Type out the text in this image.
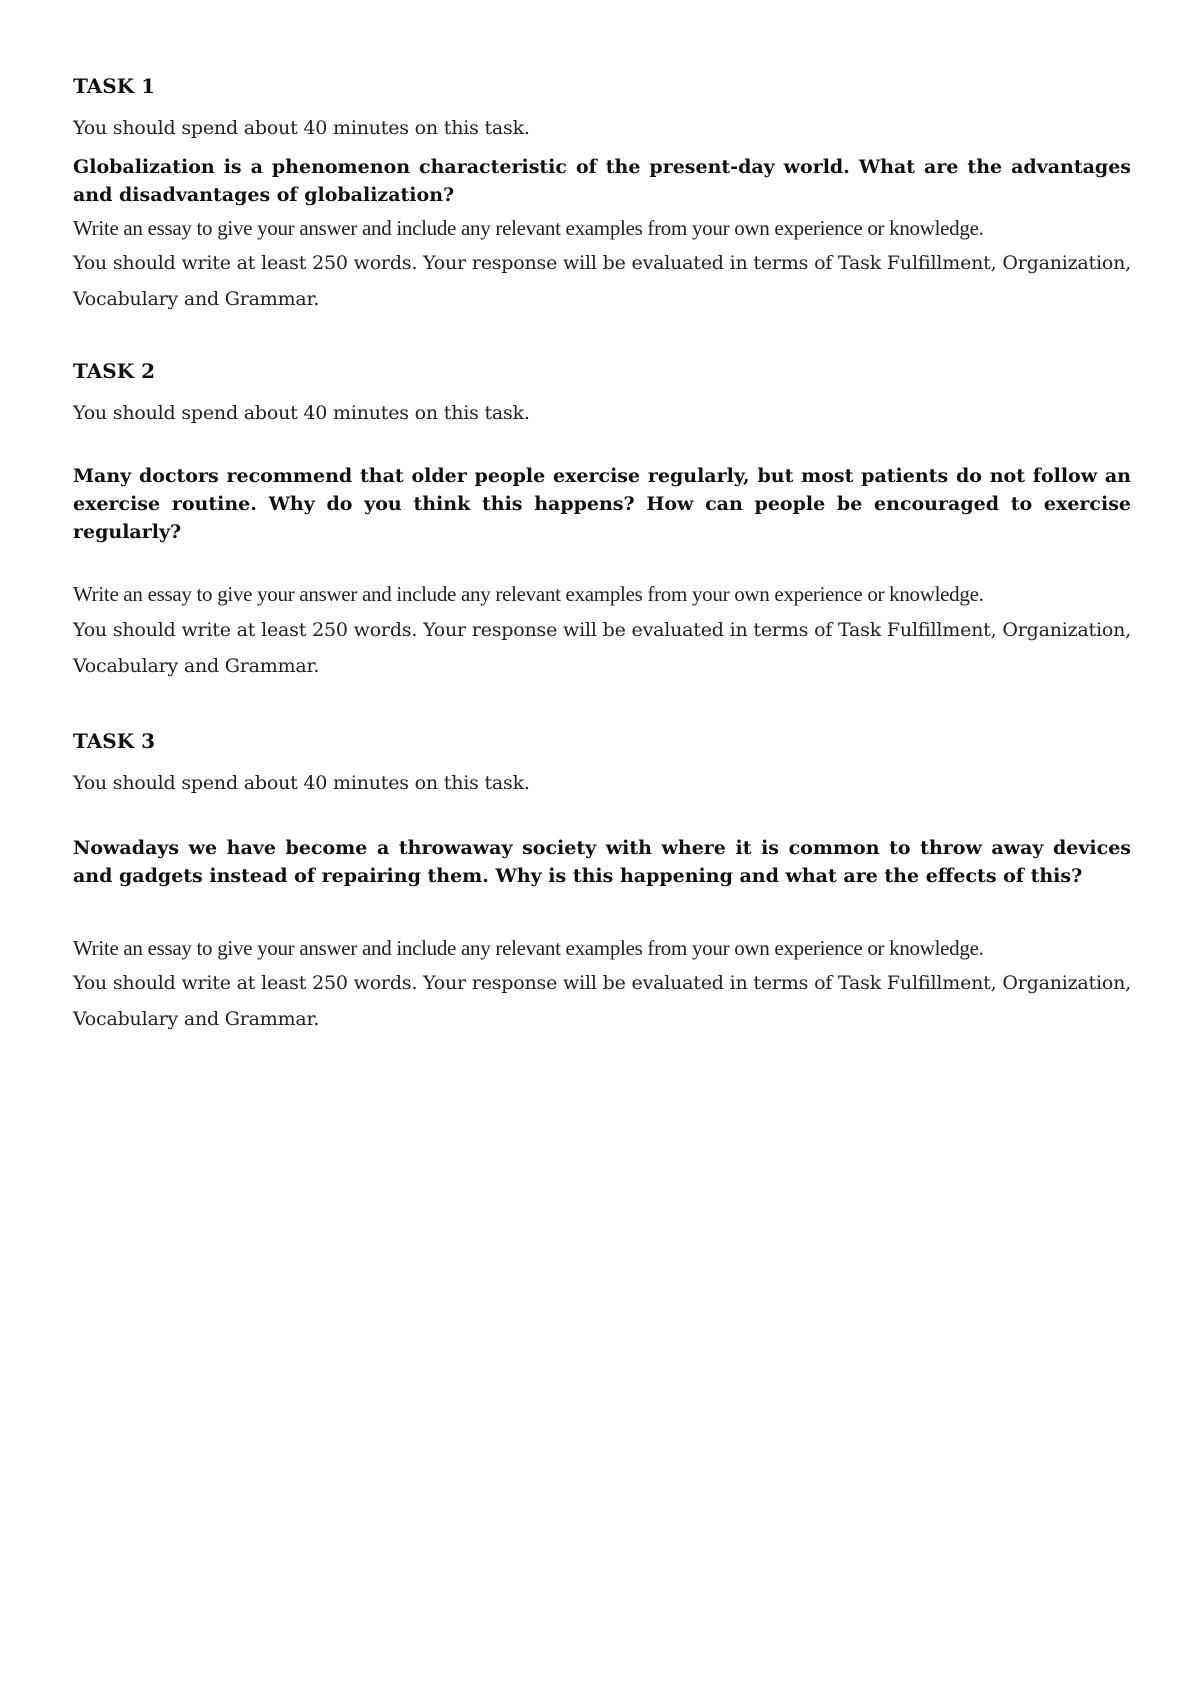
TASK 1

You should spend about 40 minutes on this task.

Globalization is a phenomenon characteristic of the present-day world. What are the advantages and disadvantages of globalization?

Write an essay to give your answer and include any relevant examples from your own experience or knowledge.

You should write at least 250 words. Your response will be evaluated in terms of Task Fulfillment, Organization, Vocabulary and Grammar.

TASK 2

You should spend about 40 minutes on this task.

Many doctors recommend that older people exercise regularly, but most patients do not follow an exercise routine. Why do you think this happens? How can people be encouraged to exercise regularly?

Write an essay to give your answer and include any relevant examples from your own experience or knowledge.

You should write at least 250 words. Your response will be evaluated in terms of Task Fulfillment, Organization, Vocabulary and Grammar.

TASK 3

You should spend about 40 minutes on this task.

Nowadays we have become a throwaway society with where it is common to throw away devices and gadgets instead of repairing them. Why is this happening and what are the effects of this?

Write an essay to give your answer and include any relevant examples from your own experience or knowledge.

You should write at least 250 words. Your response will be evaluated in terms of Task Fulfillment, Organization, Vocabulary and Grammar.
